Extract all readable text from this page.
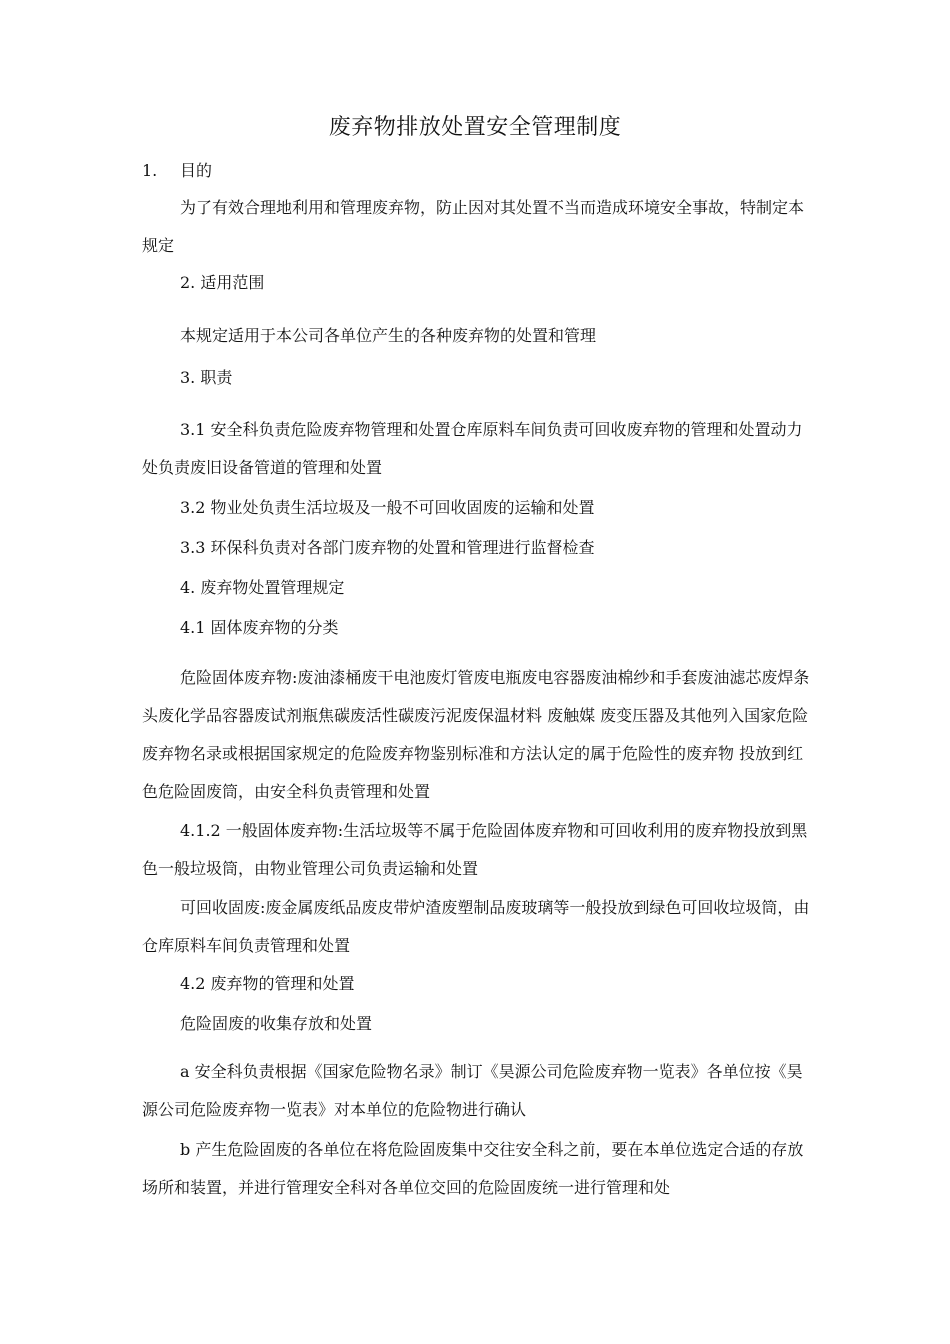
废弃物排放处置安全管理制度
1. 目的
为了有效合理地利用和管理废弃物，防止因对其处置不当而造成环境安全事故，特制定本规定
2. 适用范围
本规定适用于本公司各单位产生的各种废弃物的处置和管理
3. 职责
3.1 安全科负责危险废弃物管理和处置仓库原料车间负责可回收废弃物的管理和处置动力处负责废旧设备管道的管理和处置
3.2 物业处负责生活垃圾及一般不可回收固废的运输和处置
3.3 环保科负责对各部门废弃物的处置和管理进行监督检查
4. 废弃物处置管理规定
4.1 固体废弃物的分类
危险固体废弃物:废油漆桶废干电池废灯管废电瓶废电容器废油棉纱和手套废油滤芯废焊条头废化学品容器废试剂瓶焦碳废活性碳废污泥废保温材料 废触媒 废变压器及其他列入国家危险废弃物名录或根据国家规定的危险废弃物鉴别标准和方法认定的属于危险性的废弃物 投放到红色危险固废筒，由安全科负责管理和处置
4.1.2 一般固体废弃物:生活垃圾等不属于危险固体废弃物和可回收利用的废弃物投放到黑色一般垃圾筒，由物业管理公司负责运输和处置
可回收固废:废金属废纸品废皮带炉渣废塑制品废玻璃等一般投放到绿色可回收垃圾筒，由仓库原料车间负责管理和处置
4.2 废弃物的管理和处置
危险固废的收集存放和处置
a 安全科负责根据《国家危险物名录》制订《昊源公司危险废弃物一览表》各单位按《昊源公司危险废弃物一览表》对本单位的危险物进行确认
b 产生危险固废的各单位在将危险固废集中交往安全科之前，要在本单位选定合适的存放场所和装置，并进行管理安全科对各单位交回的危险固废统一进行管理和处
